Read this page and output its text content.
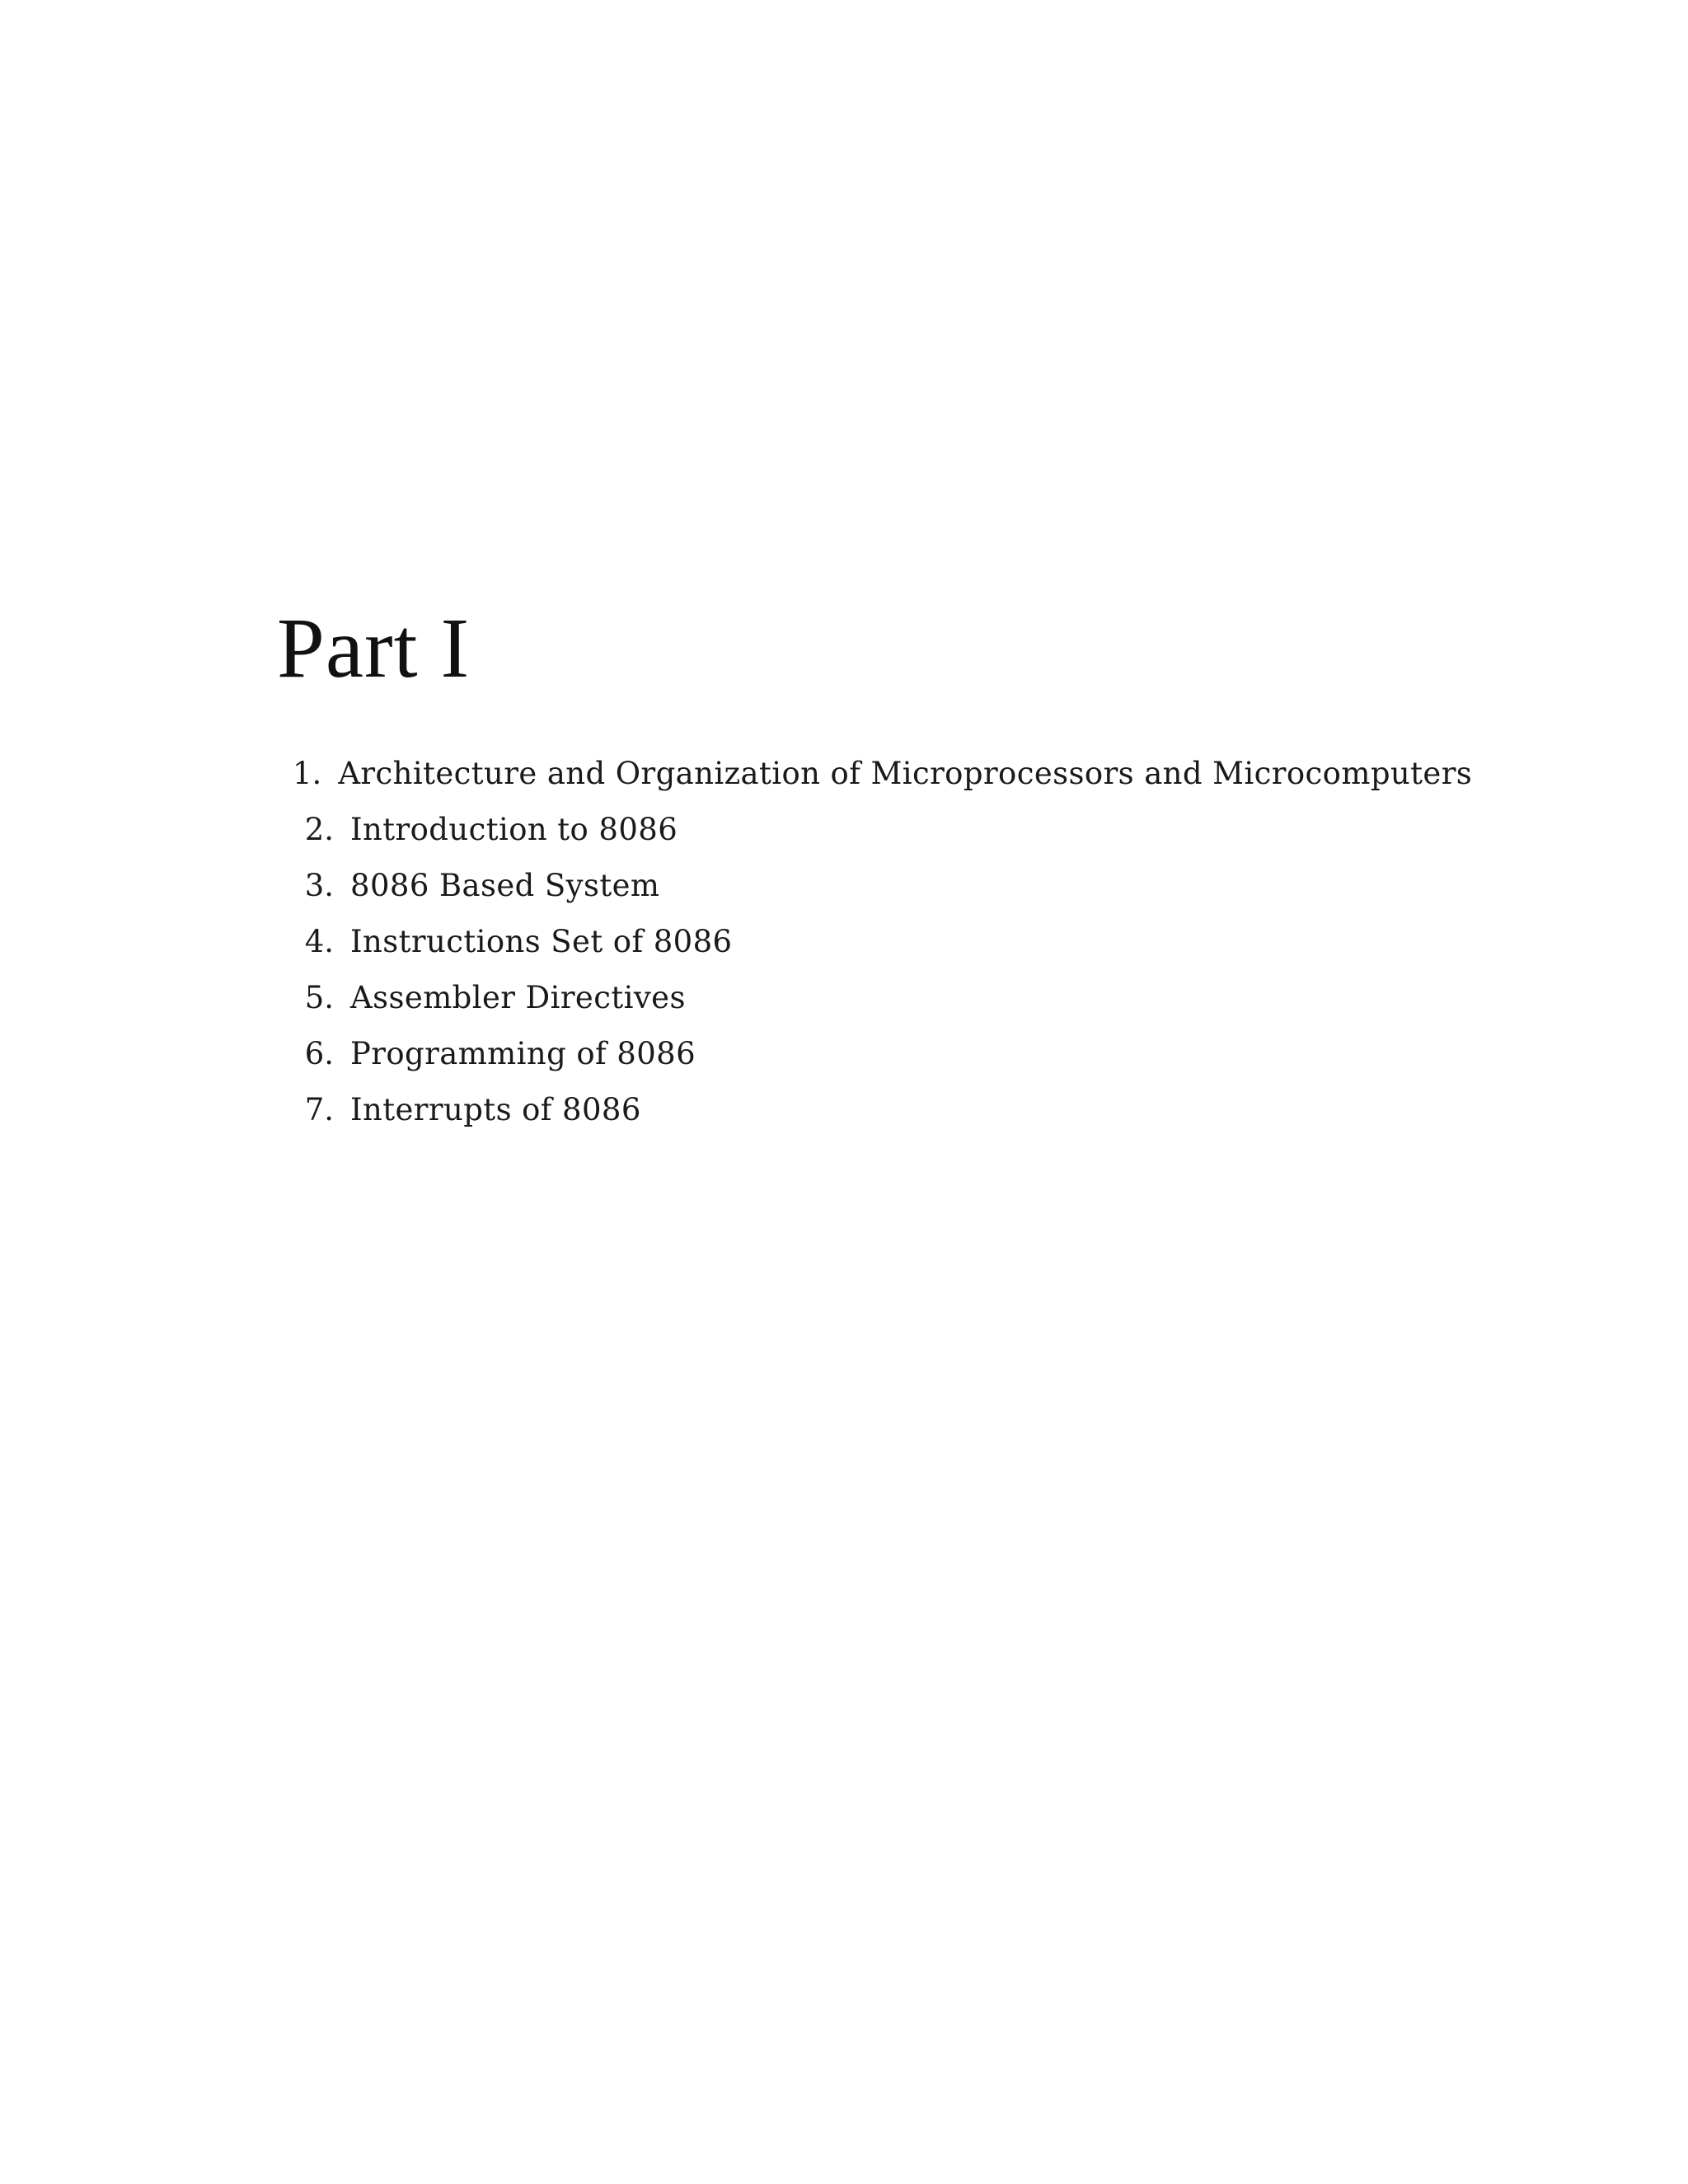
Part I
1. Architecture and Organization of Microprocessors and Microcomputers
2. Introduction to 8086
3. 8086 Based System
4. Instructions Set of 8086
5. Assembler Directives
6. Programming of 8086
7. Interrupts of 8086
